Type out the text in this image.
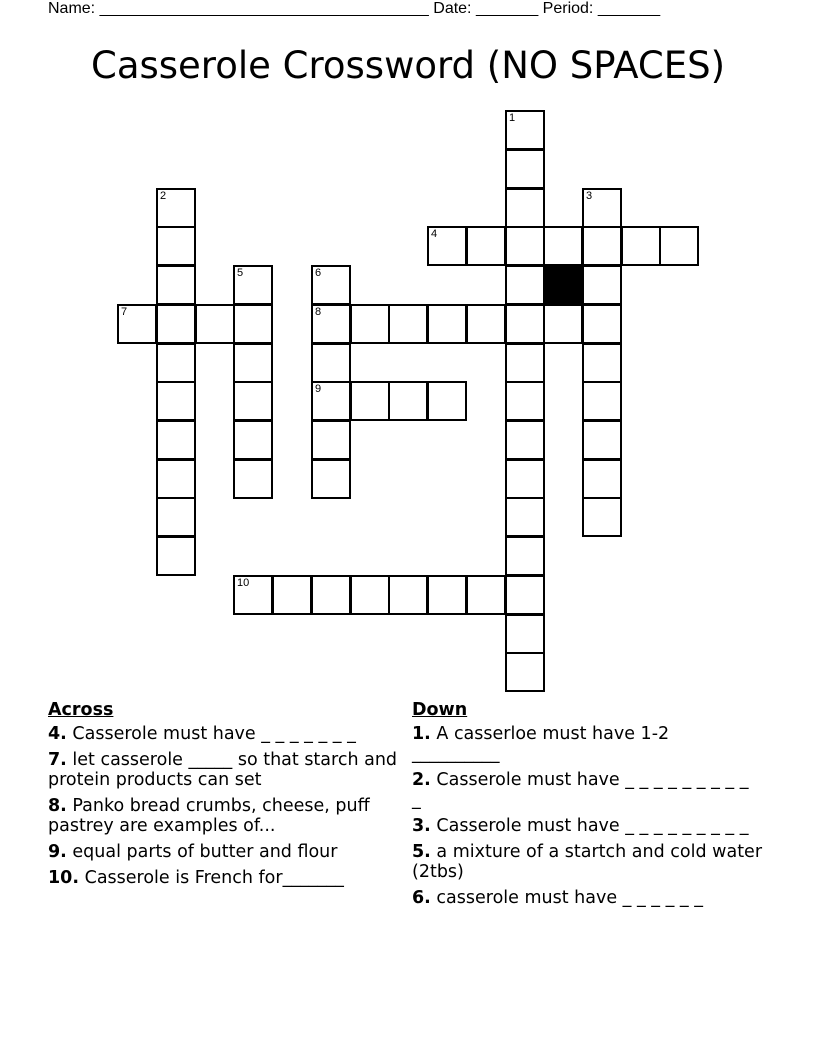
Name: _____________________________________ Date: _______ Period: _______
Casserole Crossword (NO SPACES)
1
2	3
4
5	6
8
9
7
10
Across
4. Casserole must have _ _ _ _ _ _ _
7. let casserole _____ so that starch and protein products can set
8. Panko bread crumbs, cheese, puff pastrey are examples of...
9. equal parts of butter and flour
10. Casserole is French for_______
Down
1. A casserloe must have 1-2 __________
2. Casserole must have _ _ _ _ _ _ _ _ _ _
3. Casserole must have _ _ _ _ _ _ _ _ _
5. a mixture of a startch and cold water (2tbs)
6. casserole must have _ _ _ _ _ _
